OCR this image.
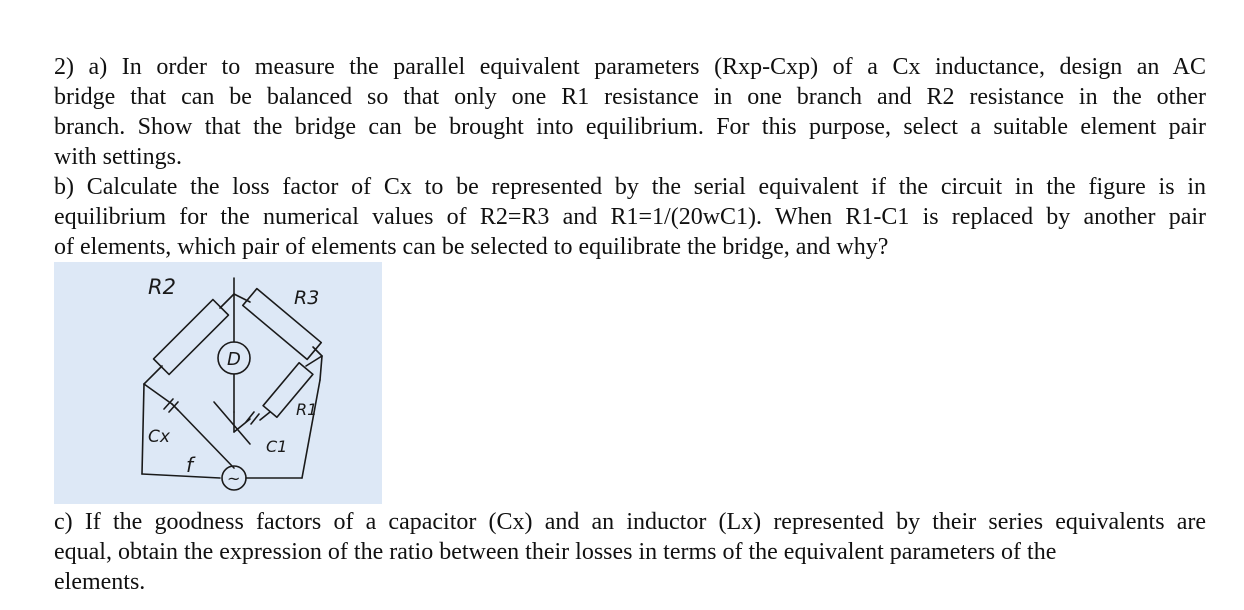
2) a) In order to measure the parallel equivalent parameters (Rxp-Cxp) of a Cx inductance, design an AC
bridge that can be balanced so that only one R1 resistance in one branch and R2 resistance in the other
branch. Show that the bridge can be brought into equilibrium. For this purpose, select a suitable element pair
with settings.
b) Calculate the loss factor of Cx to be represented by the serial equivalent if the circuit in the figure is in
equilibrium for the numerical values of R2=R3 and R1=1/(20wC1). When R1-C1 is replaced by another pair
of elements, which pair of elements can be selected to equilibrate the bridge, and why?
R2	R3
D
R1
Cx	C1
f
~
c) If the goodness factors of a capacitor (Cx) and an inductor (Lx) represented by their series equivalents are
equal, obtain the expression of the ratio between their losses in terms of the equivalent parameters of the
elements.
